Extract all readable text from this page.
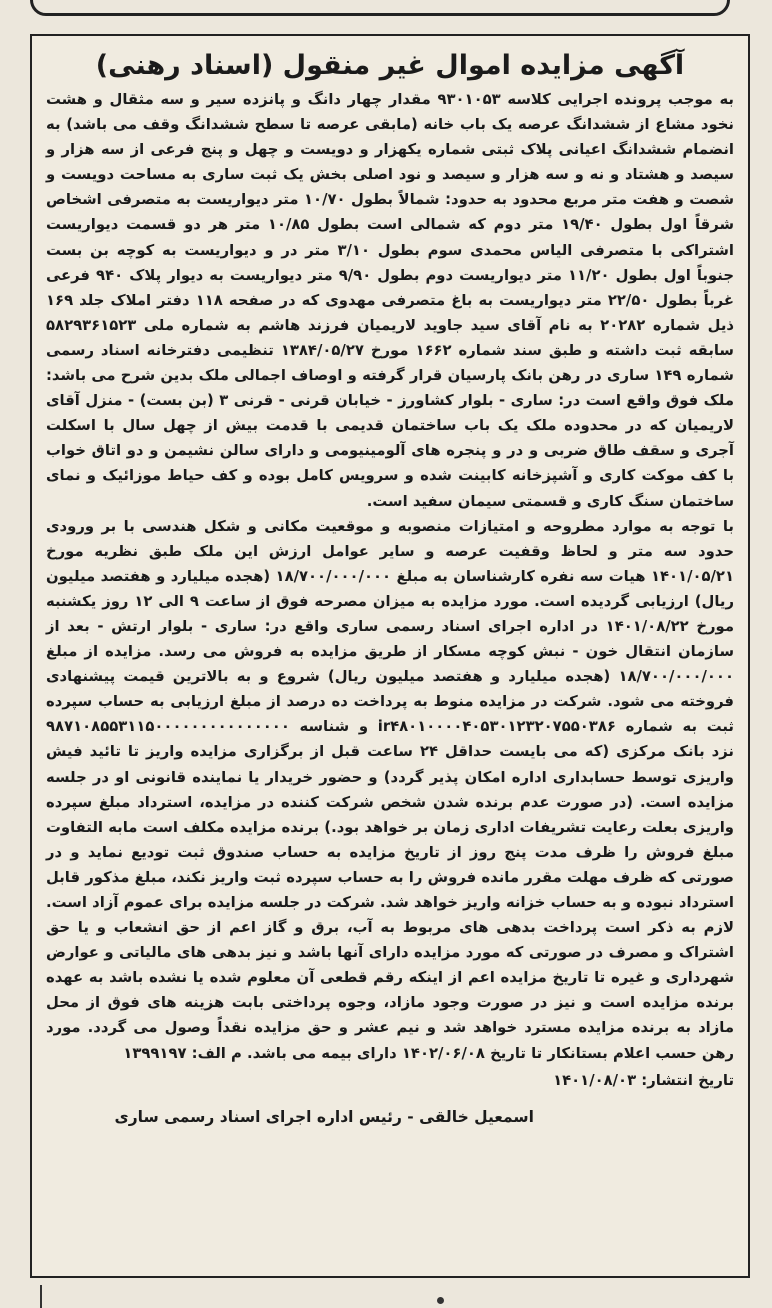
آگهی مزایده اموال غیر منقول (اسناد رهنی)

به موجب پرونده اجرایی کلاسه ۹۳۰۱۰۵۳ مقدار چهار دانگ و پانزده سیر و سه مثقال و هشت نخود مشاع از ششدانگ عرصه یک باب خانه (مابقی عرصه تا سطح ششدانگ وقف می باشد) به انضمام ششدانگ اعیانی پلاک ثبتی شماره یکهزار و دویست و چهل و پنج فرعی از سه هزار و سیصد و هشتاد و نه و سه هزار و سیصد و نود اصلی بخش یک ثبت ساری به مساحت دویست و شصت و هفت متر مربع محدود به حدود: شمالاً بطول ۱۰/۷۰ متر دیواریست به متصرفی اشخاص شرقاً اول بطول ۱۹/۴۰ متر دوم که شمالی است بطول ۱۰/۸۵ متر هر دو قسمت دیواریست اشتراکی با متصرفی الیاس محمدی سوم بطول ۳/۱۰ متر در و دیواریست به کوچه بن بست جنوباً اول بطول ۱۱/۲۰ متر دیواریست دوم بطول ۹/۹۰ متر دیواریست به دیوار پلاک ۹۴۰ فرعی غرباً بطول ۲۲/۵۰ متر دیواریست به باغ متصرفی مهدوی که در صفحه ۱۱۸ دفتر املاک جلد ۱۶۹ ذیل شماره ۲۰۲۸۲ به نام آقای سید جاوید لاریمیان فرزند هاشم به شماره ملی ۵۸۲۹۳۶۱۵۲۳ سابقه ثبت داشته و طبق سند شماره ۱۶۶۲ مورخ ۱۳۸۴/۰۵/۲۷ تنظیمی دفترخانه اسناد رسمی شماره ۱۴۹ ساری در رهن بانک پارسیان قرار گرفته و اوصاف اجمالی ملک بدین شرح می باشد: ملک فوق واقع است در: ساری - بلوار کشاورز - خیابان قرنی - قرنی ۳ (بن بست) - منزل آقای لاریمیان که در محدوده ملک یک باب ساختمان قدیمی با قدمت بیش از چهل سال با اسکلت آجری و سقف طاق ضربی و در و پنجره های آلومینیومی و دارای سالن نشیمن و دو اتاق خواب با کف موکت کاری و آشپزخانه کابینت شده و سرویس کامل بوده و کف حیاط موزائیک و نمای ساختمان سنگ کاری و قسمتی سیمان سفید است.

با توجه به موارد مطروحه و امتیازات منصوبه و موقعیت مکانی و شکل هندسی با بر ورودی حدود سه متر و لحاظ وقفیت عرصه و سایر عوامل ارزش این ملک طبق نظریه مورخ ۱۴۰۱/۰۵/۲۱ هیات سه نفره کارشناسان به مبلغ ۱۸/۷۰۰/۰۰۰/۰۰۰ (هجده میلیارد و هفتصد میلیون ریال) ارزیابی گردیده است. مورد مزایده به میزان مصرحه فوق از ساعت ۹ الی ۱۲ روز یکشنبه مورخ ۱۴۰۱/۰۸/۲۲ در اداره اجرای اسناد رسمی ساری واقع در: ساری - بلوار ارتش - بعد از سازمان انتقال خون - نبش کوچه مسکار از طریق مزایده به فروش می رسد. مزایده از مبلغ ۱۸/۷۰۰/۰۰۰/۰۰۰ (هجده میلیارد و هفتصد میلیون ریال) شروع و به بالاترین قیمت پیشنهادی فروخته می شود. شرکت در مزایده منوط به پرداخت ده درصد از مبلغ ارزیابی به حساب سپرده ثبت به شماره ir۴۸۰۱۰۰۰۰۴۰۵۳۰۱۲۳۲۰۷۵۵۰۳۸۶ و شناسه ۹۸۷۱۰۸۵۵۳۱۱۵۰۰۰۰۰۰۰۰۰۰۰۰۰۰۰ نزد بانک مرکزی (که می بایست حداقل ۲۴ ساعت قبل از برگزاری مزایده واریز تا تائید فیش واریزی توسط حسابداری اداره امکان پذیر گردد) و حضور خریدار یا نماینده قانونی او در جلسه مزایده است. (در صورت عدم برنده شدن شخص شرکت کننده در مزایده، استرداد مبلغ سپرده واریزی بعلت رعایت تشریفات اداری زمان بر خواهد بود.) برنده مزایده مکلف است مابه التفاوت مبلغ فروش را ظرف مدت پنج روز از تاریخ مزایده به حساب صندوق ثبت تودیع نماید و در صورتی که ظرف مهلت مقرر مانده فروش را به حساب سپرده ثبت واریز نکند، مبلغ مذکور قابل استرداد نبوده و به حساب خزانه واریز خواهد شد. شرکت در جلسه مزایده برای عموم آزاد است. لازم به ذکر است پرداخت بدهی های مربوط به آب، برق و گاز اعم از حق انشعاب و یا حق اشتراک و مصرف در صورتی که مورد مزایده دارای آنها باشد و نیز بدهی های مالیاتی و عوارض شهرداری و غیره تا تاریخ مزایده اعم از اینکه رقم قطعی آن معلوم شده یا نشده باشد به عهده برنده مزایده است و نیز در صورت وجود مازاد، وجوه پرداختی بابت هزینه های فوق از محل مازاد به برنده مزایده مسترد خواهد شد و نیم عشر و حق مزایده نقداً وصول می گردد. مورد رهن حسب اعلام بستانکار تا تاریخ ۱۴۰۲/۰۶/۰۸ دارای بیمه می باشد. م الف: ۱۳۹۹۱۹۷

تاریخ انتشار: ۱۴۰۱/۰۸/۰۳
اسمعیل خالقی - رئیس اداره اجرای اسناد رسمی ساری
